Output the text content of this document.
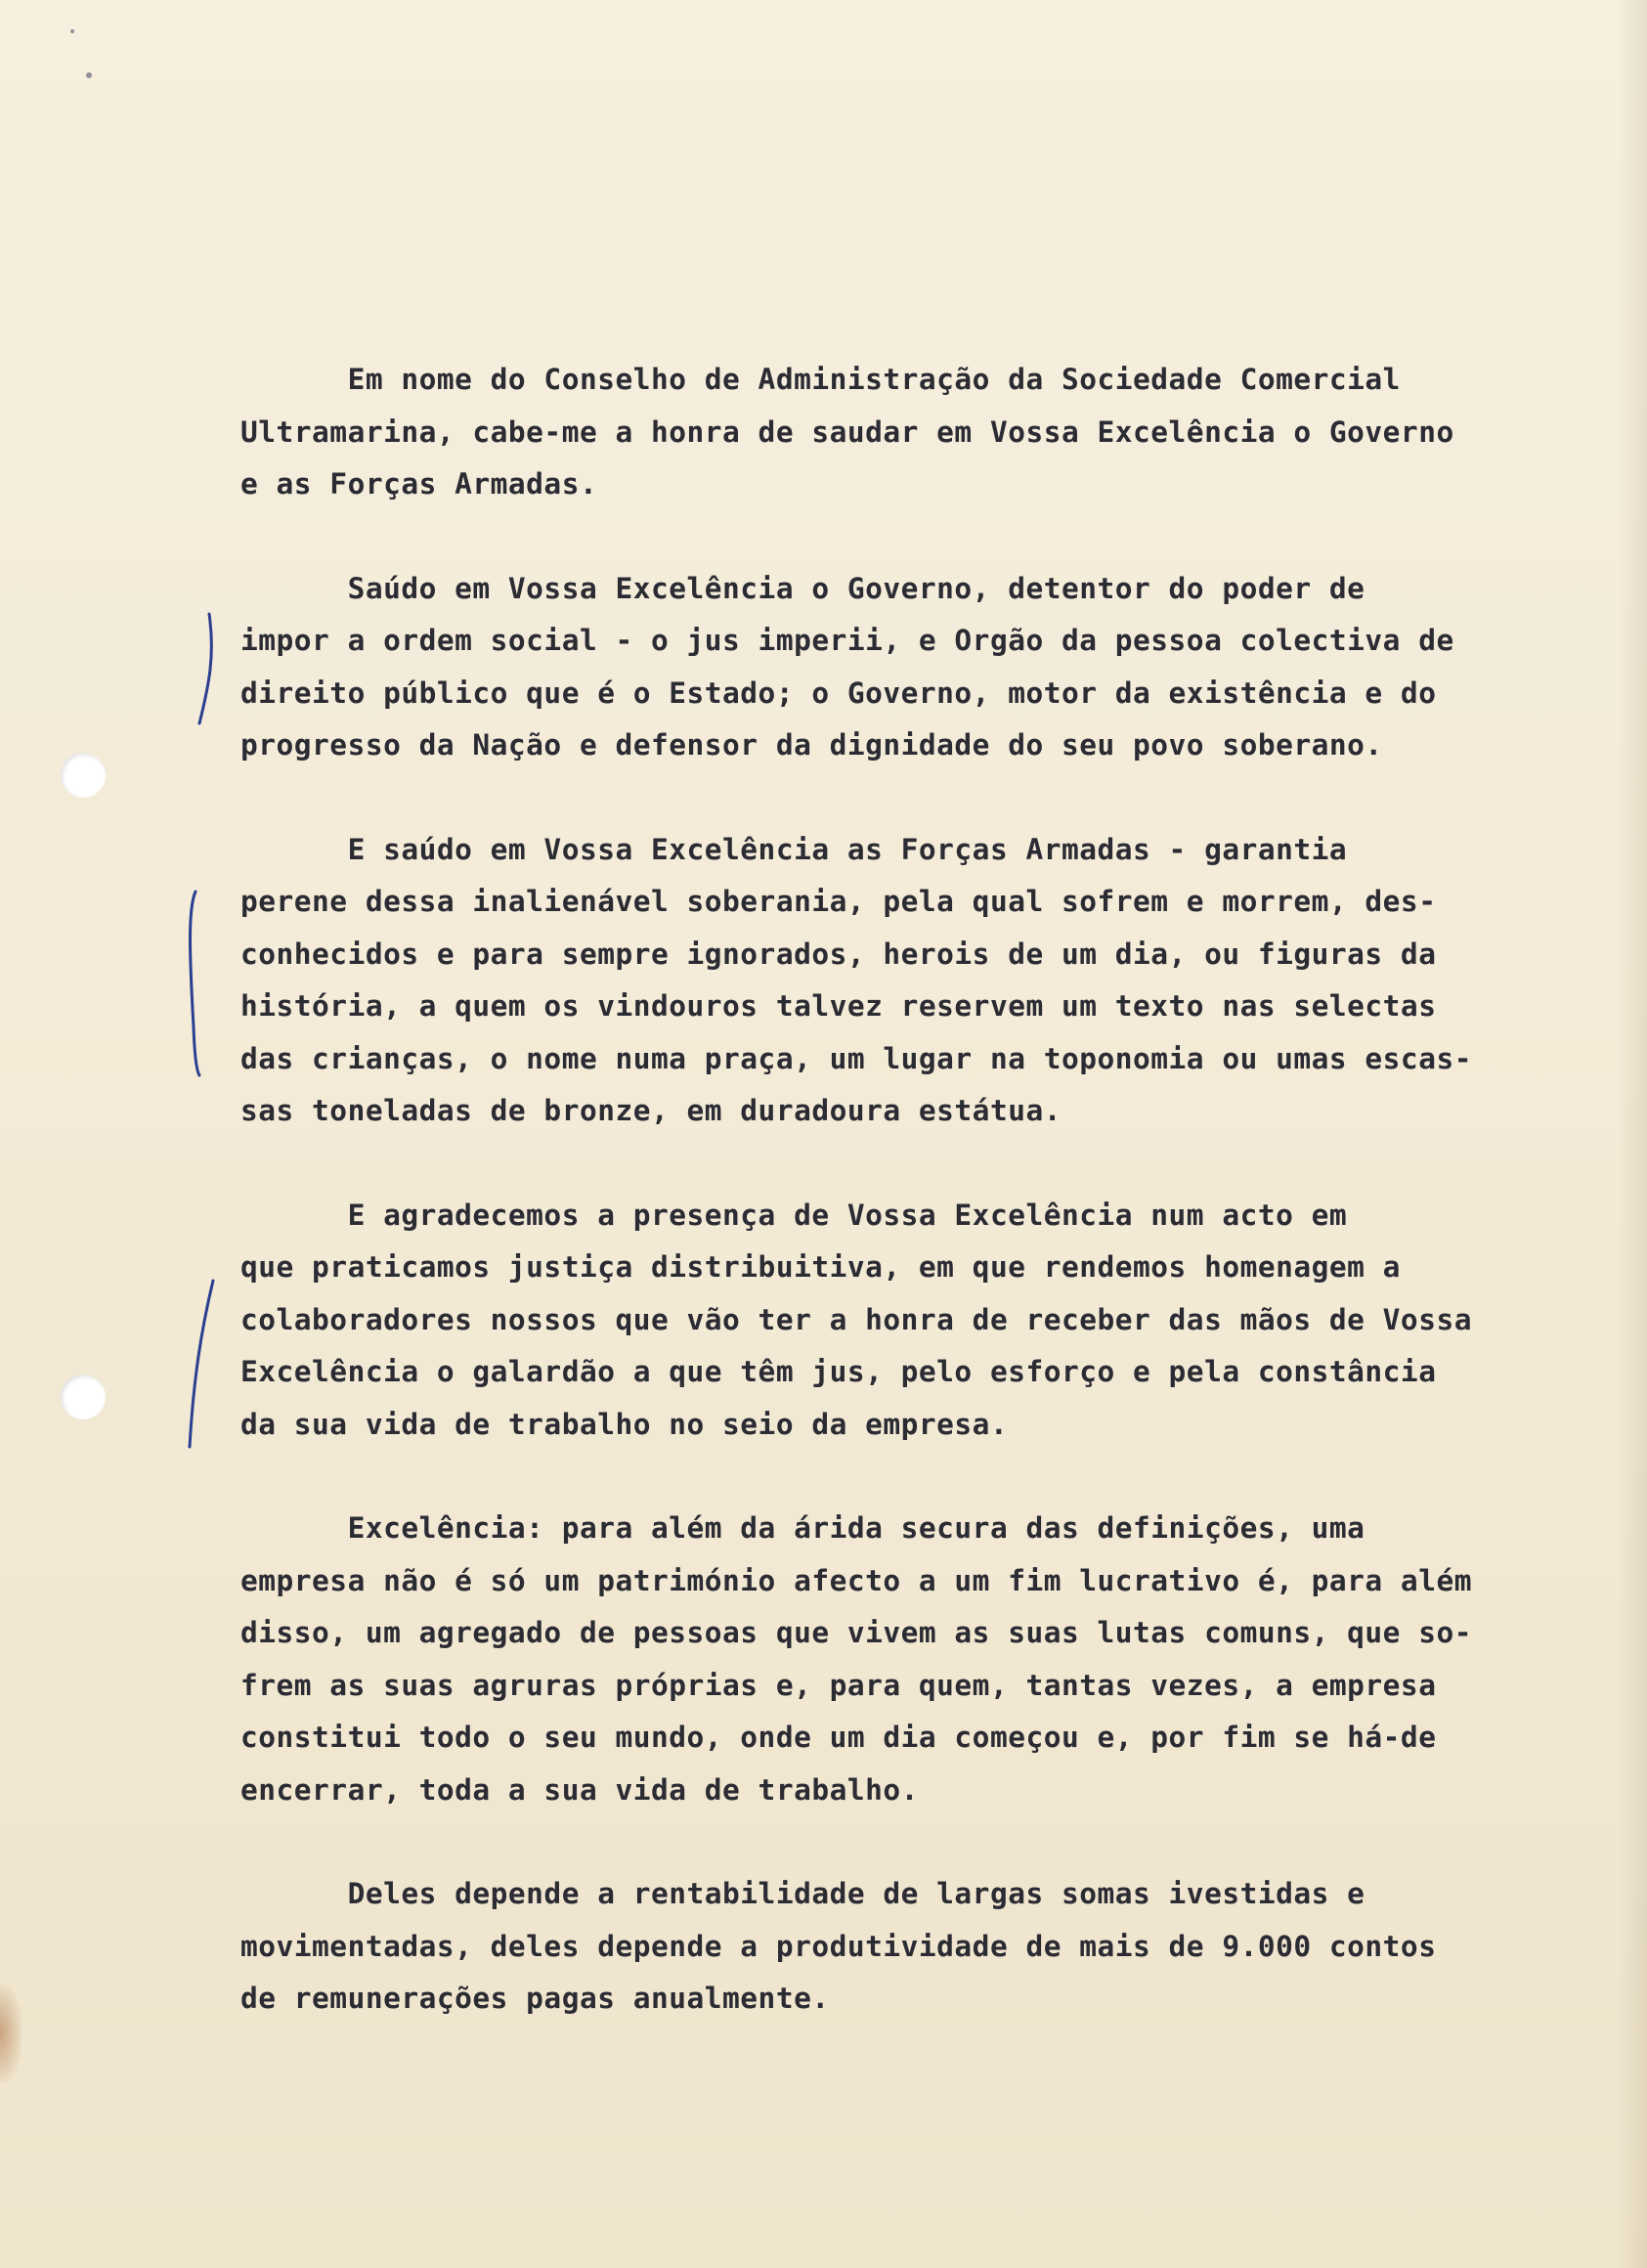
Em nome do Conselho de Administração da Sociedade Comercial
Ultramarina, cabe-me a honra de saudar em Vossa Excelência o Governo
e as Forças Armadas.
Saúdo em Vossa Excelência o Governo, detentor do poder de
impor a ordem social - o jus imperii, e Orgão da pessoa colectiva de
direito público que é o Estado; o Governo, motor da existência e do
progresso da Nação e defensor da dignidade do seu povo soberano.
E saúdo em Vossa Excelência as Forças Armadas - garantia
perene dessa inalienável soberania, pela qual sofrem e morrem, des-
conhecidos e para sempre ignorados, herois de um dia, ou figuras da
história, a quem os vindouros talvez reservem um texto nas selectas
das crianças, o nome numa praça, um lugar na toponomia ou umas escas-
sas toneladas de bronze, em duradoura estátua.
E agradecemos a presença de Vossa Excelência num acto em
que praticamos justiça distribuitiva, em que rendemos homenagem a
colaboradores nossos que vão ter a honra de receber das mãos de Vossa
Excelência o galardão a que têm jus, pelo esforço e pela constância
da sua vida de trabalho no seio da empresa.
Excelência: para além da árida secura das definições, uma
empresa não é só um património afecto a um fim lucrativo é, para além
disso, um agregado de pessoas que vivem as suas lutas comuns, que so-
frem as suas agruras próprias e, para quem, tantas vezes, a empresa
constitui todo o seu mundo, onde um dia começou e, por fim se há-de
encerrar, toda a sua vida de trabalho.
Deles depende a rentabilidade de largas somas ivestidas e
movimentadas, deles depende a produtividade de mais de 9.000 contos
de remunerações pagas anualmente.
